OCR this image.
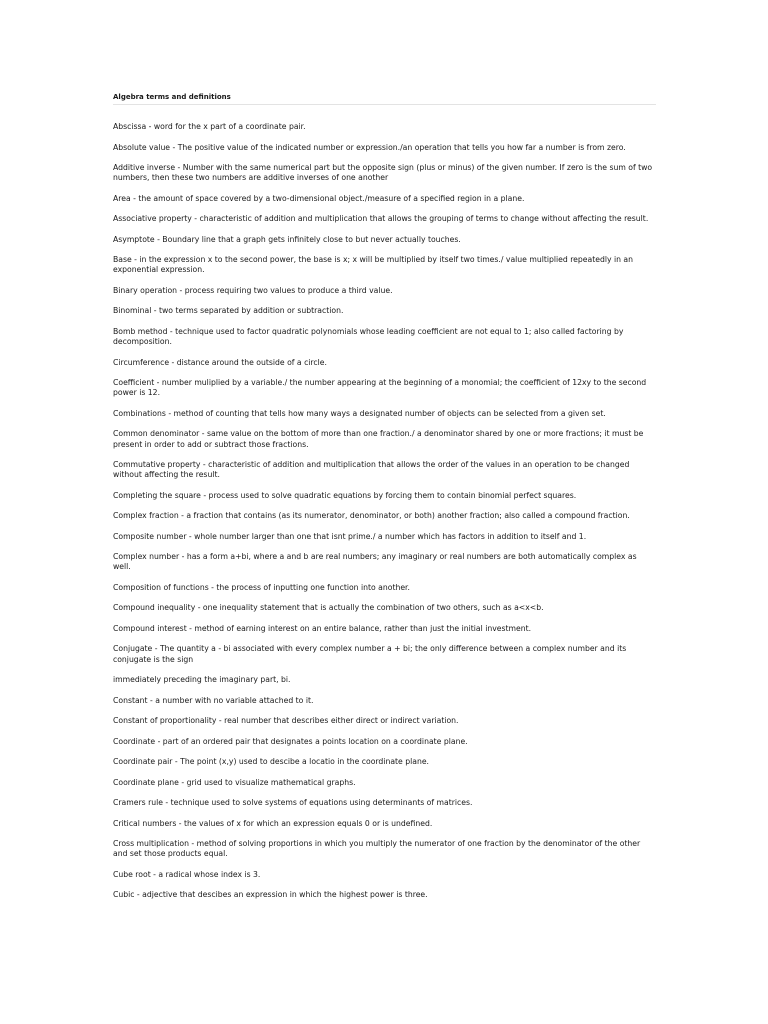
Algebra terms and definitions

Abscissa - word for the x part of a coordinate pair.

Absolute value - The positive value of the indicated number or expression./an operation that tells you how far a number is from zero.

Additive inverse - Number with the same numerical part but the opposite sign (plus or minus) of the given number. If zero is the sum of two numbers, then these two numbers are additive inverses of one another

Area - the amount of space covered by a two-dimensional object./measure of a specified region in a plane.

Associative property - characteristic of addition and multiplication that allows the grouping of terms to change without affecting the result.

Asymptote - Boundary line that a graph gets infinitely close to but never actually touches.

Base - in the expression x to the second power, the base is x; x will be multiplied by itself two times./ value multiplied repeatedly in an exponential expression.

Binary operation - process requiring two values to produce a third value.

Binominal - two terms separated by addition or subtraction.

Bomb method - technique used to factor quadratic polynomials whose leading coefficient are not equal to 1; also called factoring by decomposition.

Circumference - distance around the outside of a circle.

Coefficient - number muliplied by a variable./ the number appearing at the beginning of a monomial; the coefficient of 12xy to the second power is 12.

Combinations - method of counting that tells how many ways a designated number of objects can be selected from a given set.

Common denominator - same value on the bottom of more than one fraction./ a denominator shared by one or more fractions; it must be present in order to add or subtract those fractions.

Commutative property - characteristic of addition and multiplication that allows the order of the values in an operation to be changed without affecting the result.

Completing the square - process used to solve quadratic equations by forcing them to contain binomial perfect squares.

Complex fraction - a fraction that contains (as its numerator, denominator, or both) another fraction; also called a compound fraction.

Composite number - whole number larger than one that isnt prime./ a number which has factors in addition to itself and 1.

Complex number - has a form a+bi, where a and b are real numbers; any imaginary or real numbers are both automatically complex as well.

Composition of functions - the process of inputting one function into another.

Compound inequality - one inequality statement that is actually the combination of two others, such as a<x<b.

Compound interest - method of earning interest on an entire balance, rather than just the initial investment.

Conjugate - The quantity a - bi associated with every complex number a + bi; the only difference between a complex number and its conjugate is the sign

immediately preceding the imaginary part, bi.

Constant - a number with no variable attached to it.

Constant of proportionality - real number that describes either direct or indirect variation.

Coordinate - part of an ordered pair that designates a points location on a coordinate plane.

Coordinate pair - The point (x,y) used to descibe a locatio in the coordinate plane.

Coordinate plane - grid used to visualize mathematical graphs.

Cramers rule - technique used to solve systems of equations using determinants of matrices.

Critical numbers - the values of x for which an expression equals 0 or is undefined.

Cross multiplication - method of solving proportions in which you multiply the numerator of one fraction by the denominator of the other and set those products equal.

Cube root - a radical whose index is 3.

Cubic - adjective that descibes an expression in which the highest power is three.
